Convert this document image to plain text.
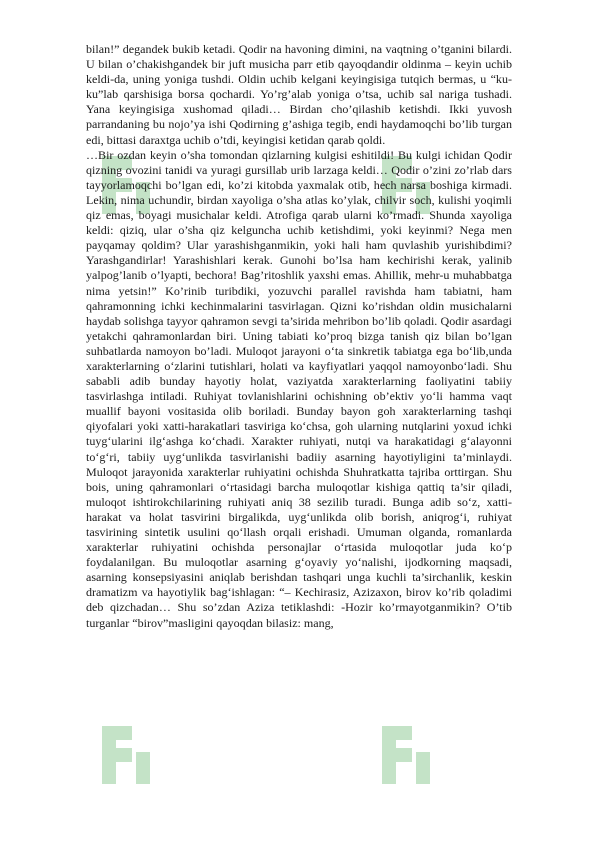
bilan!” degandek bukib ketadi. Qodir na havoning dimini, na vaqtning o’tganini bilardi. U bilan o’chakishgandek bir juft musicha parr etib qayoqdandir oldinma – keyin uchib keldi-da, uning yoniga tushdi. Oldin uchib kelgani keyingisiga tutqich bermas, u “ku-ku”lab qarshisiga borsa qochardi. Yo’rg’alab yoniga o’tsa, uchib sal nariga tushadi. Yana keyingisiga xushomad qiladi… Birdan cho’qilashib ketishdi. Ikki yuvosh parrandaning bu nojo’ya ishi Qodirning g’ashiga tegib, endi haydamoqchi bo’lib turgan edi, bittasi daraxtga uchib o’tdi, keyingisi ketidan qarab qoldi.

…Bir ozdan keyin o’sha tomondan qizlarning kulgisi eshitildi! Bu kulgi ichidan Qodir qizning ovozini tanidi va yuragi gursillab urib larzaga keldi… Qodir o’zini zo’rlab dars tayyorlamoqchi bo’lgan edi, ko’zi kitobda yaxmalak otib, hech narsa boshiga kirmadi. Lekin, nima uchundir, birdan xayoliga o’sha atlas ko’ylak, chilvir soch, kulishi yoqimli qiz emas, boyagi musichalar keldi. Atrofiga qarab ularni ko’rmadi. Shunda xayoliga keldi: qiziq, ular o’sha qiz kelguncha uchib ketishdimi, yoki keyinmi? Nega men payqamay qoldim? Ular yarashishganmikin, yoki hali ham quvlashib yurishibdimi? Yarashgandirlar! Yarashishlari kerak. Gunohi bo’lsa ham kechirishi kerak, yalinib yalpog’lanib o’lyapti, bechora! Bag’ritoshlik yaxshi emas. Ahillik, mehr-u muhabbatga nima yetsin!” Ko’rinib turibdiki, yozuvchi parallel ravishda ham tabiatni, ham qahramonning ichki kechinmalarini tasvirlagan. Qizni ko’rishdan oldin musichalarni haydab solishga tayyor qahramon sevgi ta’sirida mehribon bo’lib qoladi. Qodir asardagi yetakchi qahramonlardan biri. Uning tabiati ko’proq bizga tanish qiz bilan bo’lgan suhbatlarda namoyon bo’ladi. Muloqot jarayoni o‘ta sinkretik tabiatga ega bo‘lib,unda xarakterlarning o‘zlarini tutishlari, holati va kayfiyatlari yaqqol namoyonbo‘ladi. Shu sababli adib bunday hayotiy holat, vaziyatda xarakterlarning faoliyatini tabiiy tasvirlashga intiladi. Ruhiyat tovlanishlarini ochishning ob’ektiv yo‘li hamma vaqt muallif bayoni vositasida olib boriladi. Bunday bayon goh xarakterlarning tashqi qiyofalari yoki xatti-harakatlari tasviriga ko‘chsa, goh ularning nutqlarini yoxud ichki tuyg‘ularini ilg‘ashga ko‘chadi. Xarakter ruhiyati, nutqi va harakatidagi g‘alayonni to‘g‘ri, tabiiy uyg‘unlikda tasvirlanishi badiiy asarning hayotiyligini ta’minlaydi. Muloqot jarayonida xarakterlar ruhiyatini ochishda Shuhratkatta tajriba orttirgan. Shu bois, uning qahramonlari o‘rtasidagi barcha muloqotlar kishiga qattiq ta’sir qiladi, muloqot ishtirokchilarining ruhiyati aniq 38 sezilib turadi. Bunga adib so‘z, xatti-harakat va holat tasvirini birgalikda, uyg‘unlikda olib borish, aniqrog‘i, ruhiyat tasvirining sintetik usulini qo‘llash orqali erishadi. Umuman olganda, romanlarda xarakterlar ruhiyatini ochishda personajlar o‘rtasida muloqotlar juda ko‘p foydalanilgan. Bu muloqotlar asarning g‘oyaviy yo‘nalishi, ijodkorning maqsadi, asarning konsepsiyasini aniqlab berishdan tashqari unga kuchli ta’sirchanlik, keskin dramatizm va hayotiylik bag‘ishlagan: “– Kechirasiz, Azizaxon, birov ko’rib qoladimi deb qizchadan… Shu so’zdan Aziza tetiklashdi: -Hozir ko’rmayotganmikin? O’tib turganlar “birov”masligini qayoqdan bilasiz: mang,
